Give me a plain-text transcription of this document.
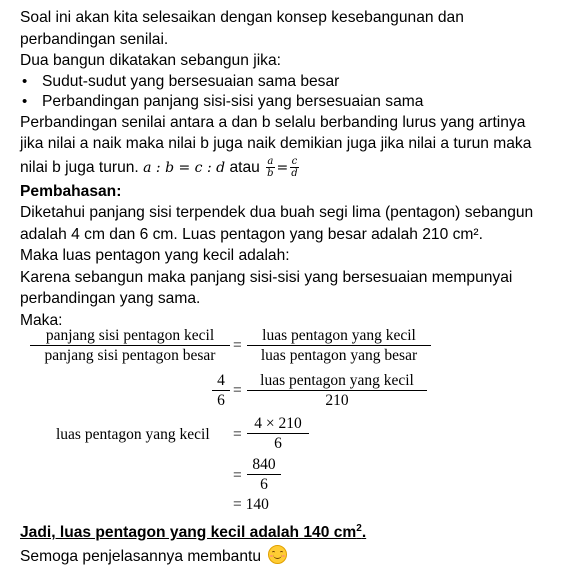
Soal ini akan kita selesaikan dengan konsep kesebangunan dan
perbandingan senilai.
Dua bangun dikatakan sebangun jika:
• Sudut-sudut yang bersesuaian sama besar
• Perbandingan panjang sisi-sisi yang bersesuaian sama
Perbandingan senilai antara a dan b selalu berbanding lurus yang artinya
jika nilai a naik maka nilai b juga naik demikian juga jika nilai a turun maka
nilai b juga turun. a : b = c : d atau $\frac{a}{b} = \frac{c}{d}$
Pembahasan:
Diketahui panjang sisi terpendek dua buah segi lima (pentagon) sebangun
adalah 4 cm dan 6 cm. Luas pentagon yang besar adalah 210 cm².
Maka luas pentagon yang kecil adalah:
Karena sebangun maka panjang sisi-sisi yang bersesuaian mempunyai
perbandingan yang sama.
Maka:
panjang sisi pentagon kecil
panjang sisi pentagon besar
=
luas pentagon yang kecil
luas pentagon yang besar
4
6
=
luas pentagon yang kecil
210
luas pentagon yang kecil =
4 × 210
6
=
840
6
= 140
Jadi, luas pentagon yang kecil adalah 140 $cm^2$.
Semoga penjelasannya membantu
